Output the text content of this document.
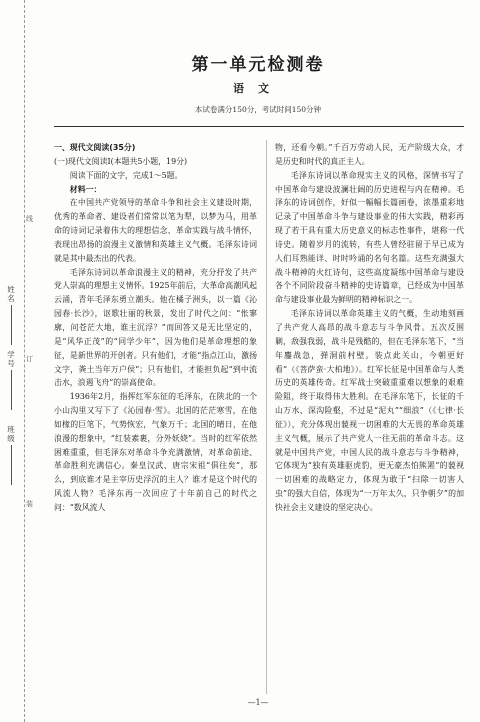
姓名
学号
班级
线
订
装
第一单元检测卷
语文
本试卷满分150分，考试时间150分钟

一、现代文阅读(35分)

(一)现代文阅读Ⅰ(本题共5小题，19分)

阅读下面的文字，完成1～5题。

材料一：

在中国共产党领导的革命斗争和社会主义建设时期，优秀的革命者、建设者们常常以笔为犁，以梦为马，用革命的诗词记录着伟大的理想信念、革命实践与战斗情怀，表现出昂扬的浪漫主义激情和英雄主义气概。毛泽东诗词就是其中最杰出的代表。

毛泽东诗词以革命浪漫主义的精神，充分抒发了共产党人崇高的理想主义情怀。1925年前后，大革命高潮风起云涌，青年毛泽东勇立潮头。他在橘子洲头，以一篇《沁园春·长沙》，讴歌壮丽的秋景，发出了时代之问：“怅寥廓，问苍茫大地，谁主沉浮？”而回答又是无比坚定的，是“风华正茂”的“同学少年”，因为他们是革命理想的象征，是新世界的开创者。只有他们，才能“指点江山，激扬文字，粪土当年万户侯”；只有他们，才能担负起“到中流击水，浪遏飞舟”的崇高使命。

1936年2月，指挥红军东征的毛泽东，在陕北的一个小山沟里又写下了《沁园春·雪》。北国的茫茫寒雪，在他如椽的巨笔下，气势恢宏，气象万千；北国的晴日，在他浪漫的想象中，“红装素裹，分外妖娆”。当时的红军依然困难重重，但毛泽东对革命斗争充满激情，对革命前途、革命胜利充满信心。秦皇汉武、唐宗宋祖“俱往矣”，那么，到底谁才是主宰历史浮沉的主人？谁才是这个时代的风流人物？毛泽东再一次回应了十年前自己的时代之问：“数风流人

物，还看今朝。”千百万劳动人民，无产阶级大众，才是历史和时代的真正主人。

毛泽东诗词以革命现实主义的风格，深情书写了中国革命与建设波澜壮阔的历史进程与内在精神。毛泽东的诗词创作，好似一幅幅长篇画卷，浓墨重彩地记录了中国革命斗争与建设事业的伟大实践，精彩再现了若干具有重大历史意义的标志性事件，堪称一代诗史。随着岁月的流转，有些人曾经驻留于早已成为人们耳熟能详、时时吟诵的名句名篇。这些充满强大战斗精神的火红诗句，这些高度凝练中国革命与建设各个不同阶段奋斗精神的史诗篇章，已经成为中国革命与建设事业最为鲜明的精神标识之一。

毛泽东诗词以革命英雄主义的气概，生动地刻画了共产党人高昂的战斗意志与斗争风骨。五次反围剿，敌强我弱，战斗是残酷的，但在毛泽东笔下，“当年鏖战急，弹洞前村壁。装点此关山，今朝更好看”（《菩萨蛮·大柏地》）。红军长征是中国革命与人类历史的英雄传奇。红军战士突破重重难以想象的艰难险阻，终于取得伟大胜利。在毛泽东笔下，长征的千山万水、深沟险壑，不过是“泥丸”“细浪”（《七律·长征》），充分体现出藐视一切困难的大无畏的革命英雄主义气概，展示了共产党人一往无前的革命斗志。这就是中国共产党，中国人民的战斗意志与斗争精神，它体现为“独有英雄驱虎豹，更无豪杰怕熊罴”的藐视一切困难的战略定力，体现为敢于“扫除一切害人虫”的强大自信，体现为“一万年太久，只争朝夕”的加快社会主义建设的坚定决心。

—1—
